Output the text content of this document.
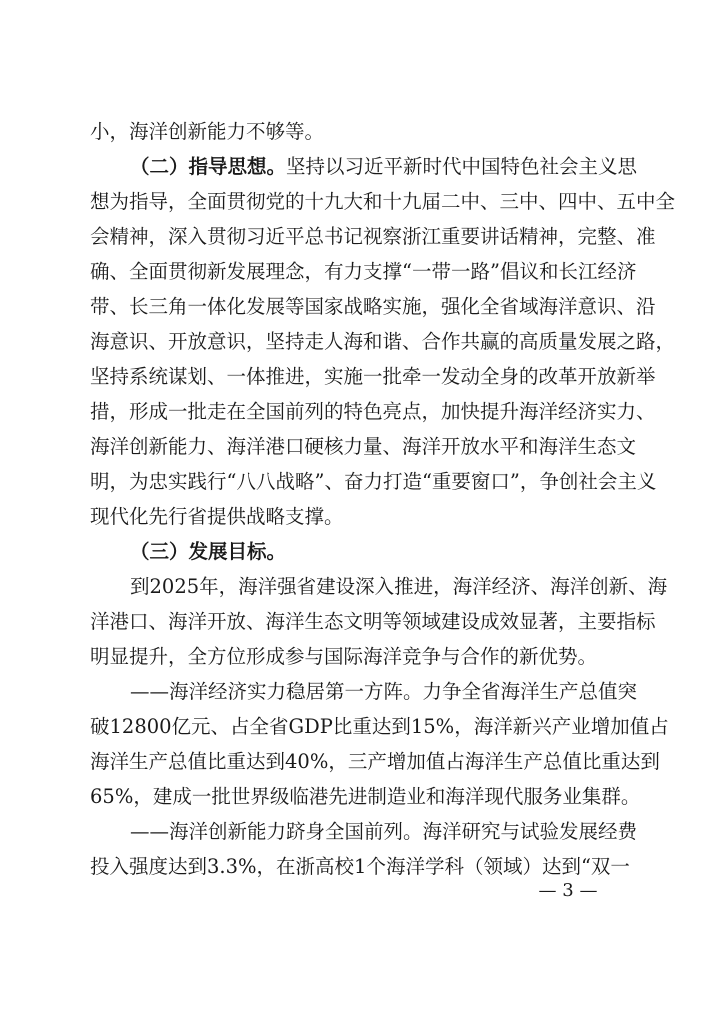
小，海洋创新能力不够等。
（二）指导思想。坚持以习近平新时代中国特色社会主义思
想为指导，全面贯彻党的十九大和十九届二中、三中、四中、五中全
会精神，深入贯彻习近平总书记视察浙江重要讲话精神，完整、准
确、全面贯彻新发展理念，有力支撑“一带一路”倡议和长江经济
带、长三角一体化发展等国家战略实施，强化全省域海洋意识、沿
海意识、开放意识，坚持走人海和谐、合作共赢的高质量发展之路，
坚持系统谋划、一体推进，实施一批牵一发动全身的改革开放新举
措，形成一批走在全国前列的特色亮点，加快提升海洋经济实力、
海洋创新能力、海洋港口硬核力量、海洋开放水平和海洋生态文
明，为忠实践行“八八战略”、奋力打造“重要窗口”，争创社会主义
现代化先行省提供战略支撑。
（三）发展目标。
到2025年，海洋强省建设深入推进，海洋经济、海洋创新、海
洋港口、海洋开放、海洋生态文明等领域建设成效显著，主要指标
明显提升，全方位形成参与国际海洋竞争与合作的新优势。
——海洋经济实力稳居第一方阵。力争全省海洋生产总值突
破12800亿元、占全省GDP比重达到15%，海洋新兴产业增加值占
海洋生产总值比重达到40%，三产增加值占海洋生产总值比重达到
65%，建成一批世界级临港先进制造业和海洋现代服务业集群。
——海洋创新能力跻身全国前列。海洋研究与试验发展经费
投入强度达到3.3%，在浙高校1个海洋学科（领域）达到“双一
— 3 —
